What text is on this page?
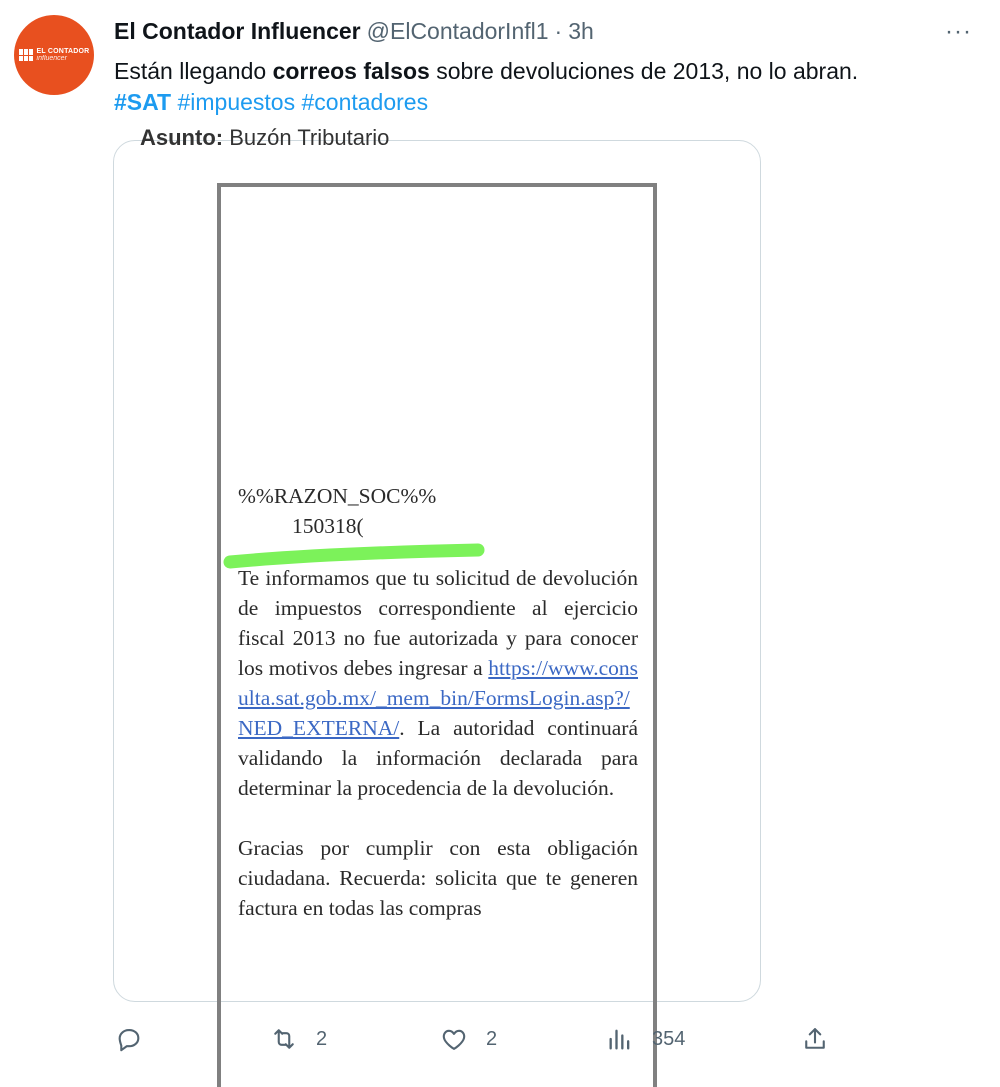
EL CONTADOR
influencer
El Contador Influencer @ElContadorInfl1 · 3h	···
Están llegando correos falsos sobre devoluciones de 2013, no lo abran.
#SAT #impuestos #contadores
Asunto: Buzón Tributario
%%RAZON_SOC%%
150318(
Te informamos que tu solicitud de devolución de impuestos correspondiente al ejercicio fiscal 2013 no fue autorizada y para conocer los motivos debes ingresar a https://www.consulta.sat.gob.mx/_mem_bin/FormsLogin.asp?/NED_EXTERNA/. La autoridad continuará validando la información declarada para determinar la procedencia de la devolución.
Gracias por cumplir con esta obligación ciudadana. Recuerda: solicita que te generen factura en todas las compras
2	2	354
